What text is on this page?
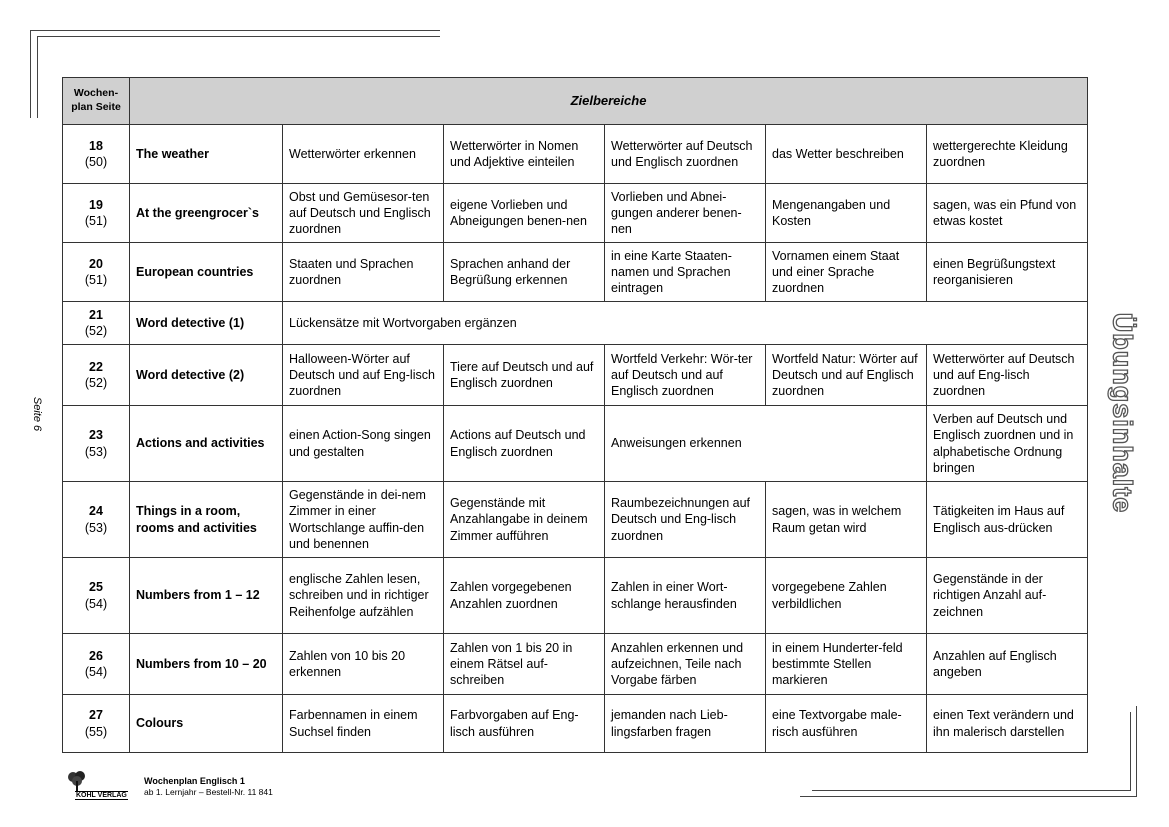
Seite 6	Übungsinhalte
Wochen-plan Seite	Zielbereiche					

18
(50)	The weather	Wetterwörter erkennen	Wetterwörter in Nomen und Adjektive einteilen	Wetterwörter auf Deutsch und Englisch zuordnen	das Wetter beschreiben	wettergerechte Kleidung zuordnen

19
(51)	At the greengrocer`s	Obst und Gemüsesor-ten auf Deutsch und Englisch zuordnen	eigene Vorlieben und Abneigungen benen-nen	Vorlieben und Abnei-gungen anderer benen-nen	Mengenangaben und Kosten	sagen, was ein Pfund von etwas kostet

20
(51)	European countries	Staaten und Sprachen zuordnen	Sprachen anhand der Begrüßung erkennen	in eine Karte Staaten-namen und Sprachen eintragen	Vornamen einem Staat und einer Sprache zuordnen	einen Begrüßungstext reorganisieren

21
(52)	Word detective (1)	Lückensätze mit Wortvorgaben ergänzen				

22
(52)	Word detective (2)	Halloween-Wörter auf Deutsch und auf Eng-lisch zuordnen	Tiere auf Deutsch und auf Englisch zuordnen	Wortfeld Verkehr: Wör-ter auf Deutsch und auf Englisch zuordnen	Wortfeld Natur: Wörter auf Deutsch und auf Englisch zuordnen	Wetterwörter auf Deutsch und auf Eng-lisch zuordnen

23
(53)	Actions and activities	einen Action-Song singen und gestalten	Actions auf Deutsch und Englisch zuordnen	Anweisungen erkennen		Verben auf Deutsch und Englisch zuordnen und in alphabetische Ordnung bringen

24
(53)	Things in a room, rooms and activities	Gegenstände in dei-nem Zimmer in einer Wortschlange auffin-den und benennen	Gegenstände mit Anzahlangabe in deinem Zimmer aufführen	Raumbezeichnungen auf Deutsch und Eng-lisch zuordnen	sagen, was in welchem Raum getan wird	Tätigkeiten im Haus auf Englisch aus-drücken

25
(54)	Numbers from 1 – 12	englische Zahlen lesen, schreiben und in richtiger Reihenfolge aufzählen	Zahlen vorgegebenen Anzahlen zuordnen	Zahlen in einer Wort-schlange herausfinden	vorgegebene Zahlen verbildlichen	Gegenstände in der richtigen Anzahl auf-zeichnen

26
(54)	Numbers from 10 – 20	Zahlen von 10 bis 20 erkennen	Zahlen von 1 bis 20 in einem Rätsel auf-schreiben	Anzahlen erkennen und aufzeichnen, Teile nach Vorgabe färben	in einem Hunderter-feld bestimmte Stellen markieren	Anzahlen auf Englisch angeben

27
(55)	Colours	Farbennamen in einem Suchsel finden	Farbvorgaben auf Eng-lisch ausführen	jemanden nach Lieb-lingsfarben fragen	eine Textvorgabe male-risch ausführen	einen Text verändern und ihn malerisch darstellen
KOHL VERLAG
Wochenplan Englisch 1
ab 1. Lernjahr – Bestell-Nr. 11 841
